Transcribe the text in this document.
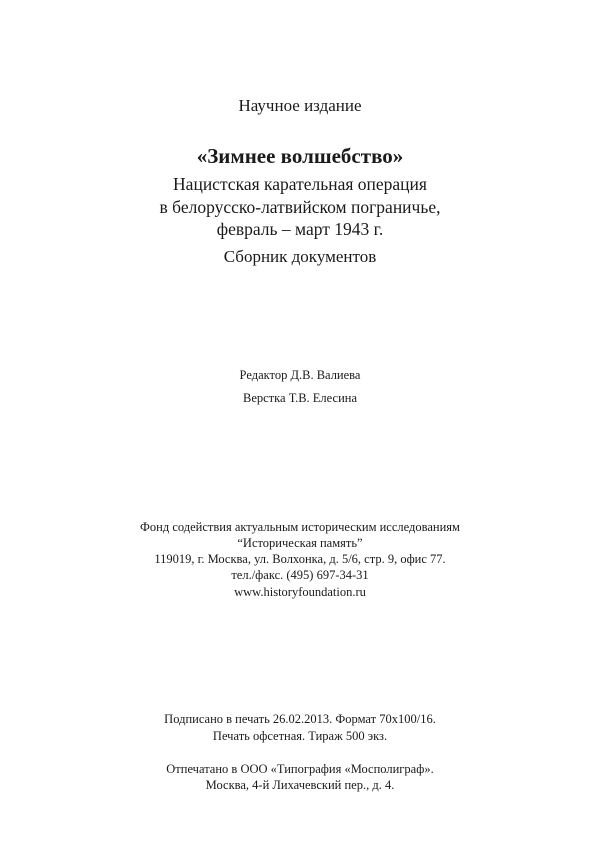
Научное издание
«Зимнее волшебство»
Нацистская карательная операция
в белорусско-латвийском пограничье,
февраль – март 1943 г.
Сборник документов
Редактор Д.В. Валиева
Верстка Т.В. Елесина
Фонд содействия актуальным историческим исследованиям
“Историческая память”
119019, г. Москва, ул. Волхонка, д. 5/6, стр. 9, офис 77.
тел./факс. (495) 697-34-31
www.historyfoundation.ru
Подписано в печать 26.02.2013. Формат 70х100/16.
Печать офсетная. Тираж 500 экз.
Отпечатано в ООО «Типография «Мосполиграф».
Москва, 4-й Лихачевский пер., д. 4.
